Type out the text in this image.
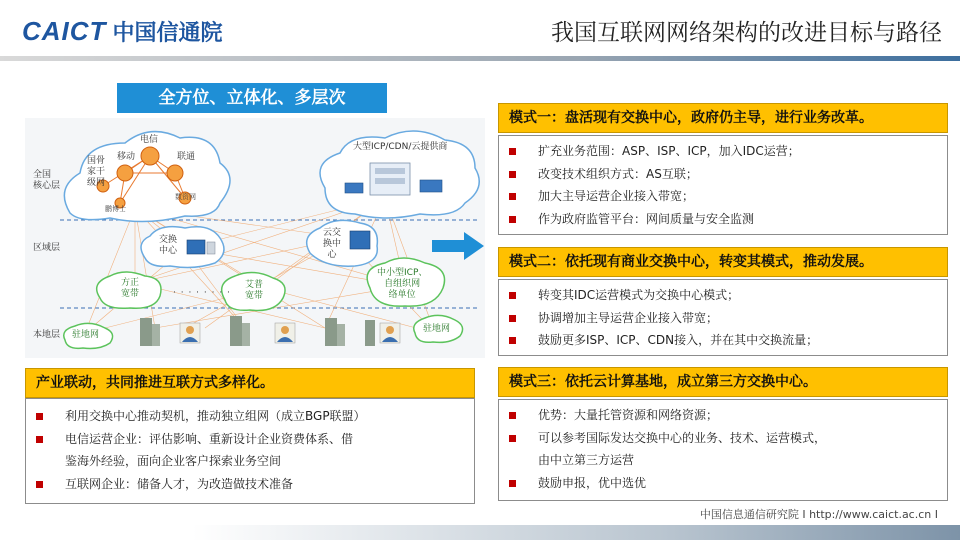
CAICT 中国信通院	我国互联网网络架构的改进目标与路径
全方位、立体化、多层次
全国
核心层
区域层
本地层
电信
移动	联通
国骨
家干
级网
数资网
鹏博士
大型ICP/CDN/云提供商
交换
中心
云交
换中
心
方正
宽带
艾普
宽带
中小型ICP、
自组织网
络单位
· · · · · · · ·
驻地网
驻地网
模式一：盘活现有交换中心，政府仍主导，进行业务改革。
扩充业务范围：ASP、ISP、ICP，加入IDC运营；
改变技术组织方式：AS互联；
加大主导运营企业接入带宽；
作为政府监管平台：网间质量与安全监测
模式二：依托现有商业交换中心，转变其模式，推动发展。
转变其IDC运营模式为交换中心模式；
协调增加主导运营企业接入带宽；
鼓励更多ISP、ICP、CDN接入，并在其中交换流量；
模式三：依托云计算基地，成立第三方交换中心。
优势：大量托管资源和网络资源；
可以参考国际发达交换中心的业务、技术、运营模式，
由中立第三方运营
鼓励申报，优中选优
产业联动，共同推进互联方式多样化。
利用交换中心推动契机，推动独立组网（成立BGP联盟）
电信运营企业：评估影响、重新设计企业资费体系、借
鉴海外经验，面向企业客户探索业务空间
互联网企业：储备人才，为改造做技术准备
中国信息通信研究院 I http://www.caict.ac.cn I
